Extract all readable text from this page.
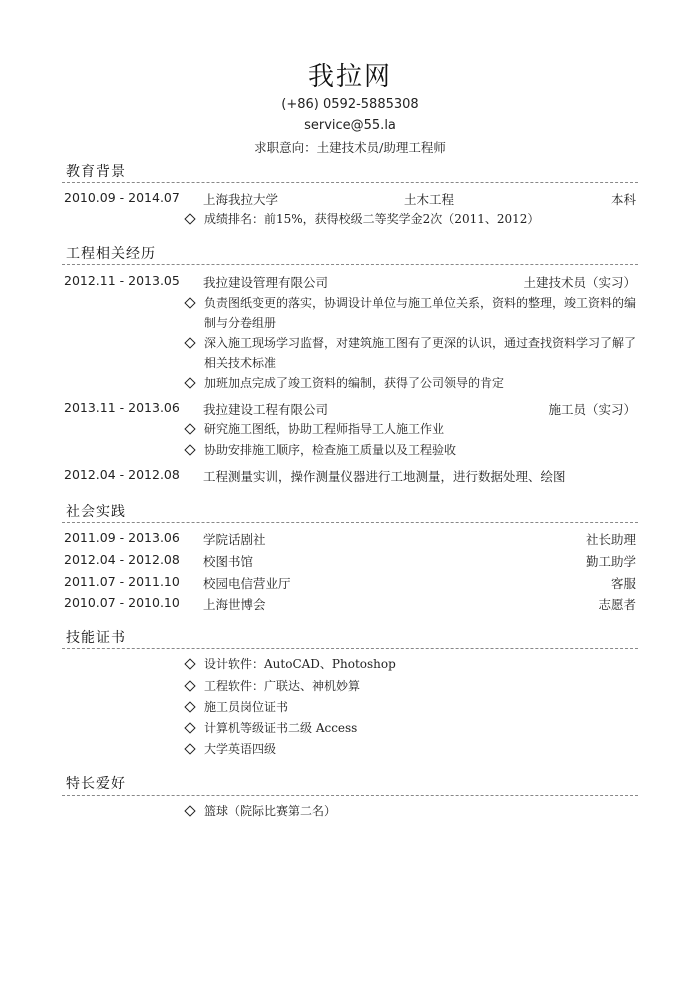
我拉网
(+86) 0592-5885308
service@55.la
求职意向：土建技术员/助理工程师
教育背景
2010.09 - 2014.07 上海我拉大学	土木工程	本科
成绩排名：前15%，获得校级二等奖学金2次（2011、2012）
工程相关经历
2012.11 - 2013.05 我拉建设管理有限公司	土建技术员（实习）
负责图纸变更的落实，协调设计单位与施工单位关系，资料的整理，竣工资料的编制与分卷组册
深入施工现场学习监督，对建筑施工图有了更深的认识，通过查找资料学习了解了相关技术标准
加班加点完成了竣工资料的编制，获得了公司领导的肯定
2013.11 - 2013.06 我拉建设工程有限公司	施工员（实习）
研究施工图纸，协助工程师指导工人施工作业
协助安排施工顺序，检查施工质量以及工程验收
2012.04 - 2012.08 工程测量实训，操作测量仪器进行工地测量，进行数据处理、绘图
社会实践
2011.09 - 2013.06 学院话剧社	社长助理
2012.04 - 2012.08 校图书馆	勤工助学
2011.07 - 2011.10 校园电信营业厅	客服
2010.07 - 2010.10 上海世博会	志愿者
技能证书
设计软件：AutoCAD、Photoshop
工程软件：广联达、神机妙算
施工员岗位证书
计算机等级证书二级 Access
大学英语四级
特长爱好
篮球（院际比赛第二名）
